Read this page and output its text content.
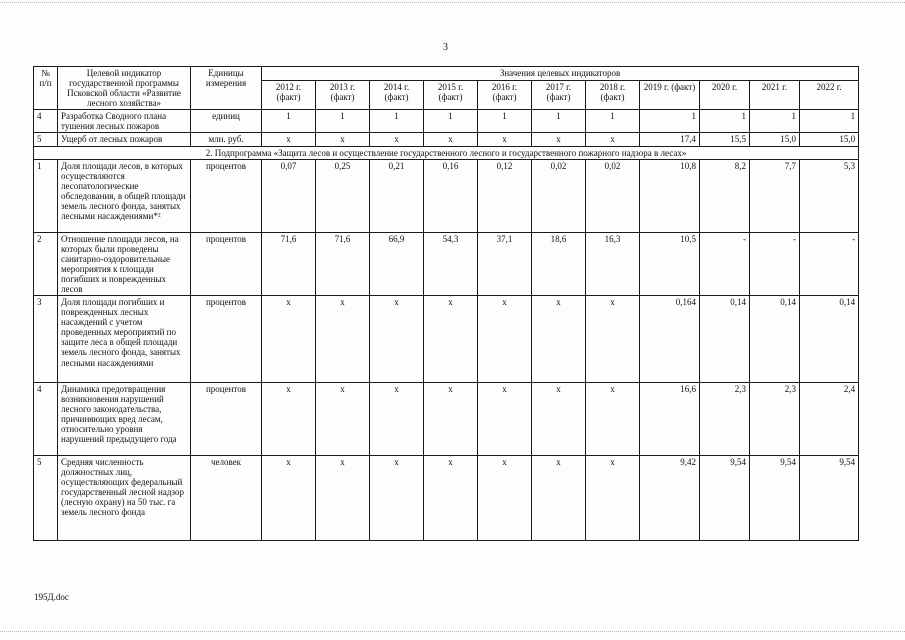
3
№ п/п	Целевой индикатор государственной программы Псковской области «Развитие лесного хозяйства»	Единицы измерения	Значения целевых индикаторов										
			2012 г. (факт)	2013 г. (факт)	2014 г. (факт)	2015 г. (факт)	2016 г. (факт)	2017 г. (факт)	2018 г. (факт)	2019 г. (факт)	2020 г.	2021 г.	2022 г.
4	Разработка Сводного плана тушения лесных пожаров	единиц	1	1	1	1	1	1	1	1	1	1	1
5	Ущерб от лесных пожаров	млн. руб.	x	x	x	x	x	x	x	17,4	15,5	15,0	15,0
2. Подпрограмма «Защита лесов и осуществление государственного лесного и государственного пожарного надзора в лесах»													
1	Доля площади лесов, в которых осуществляются лесопатологические обследования, в общей площади земель лесного фонда, занятых лесными насаждениями*²	процентов	0,07	0,25	0,21	0,16	0,12	0,02	0,02	10,8	8,2	7,7	5,3
2	Отношение площади лесов, на которых были проведены санитарно-оздоровительные мероприятия к площади погибших и поврежденных лесов	процентов	71,6	71,6	66,9	54,3	37,1	18,6	16,3	10,5	-	-	-
3	Доля площади погибших и поврежденных лесных насаждений с учетом проведенных мероприятий по защите леса в общей площади земель лесного фонда, занятых лесными насаждениями	процентов	x	x	x	x	x	x	x	0,164	0,14	0,14	0,14
4	Динамика предотвращения возникновения нарушений лесного законодательства, причиняющих вред лесам, относительно уровня нарушений предыдущего года	процентов	x	x	x	x	x	x	x	16,6	2,3	2,3	2,4
5	Средняя численность должностных лиц, осуществляющих федеральный государственный лесной надзор (лесную охрану) на 50 тыс. га земель лесного фонда	человек	x	x	x	x	x	x	x	9,42	9,54	9,54	9,54
195Д.doc
